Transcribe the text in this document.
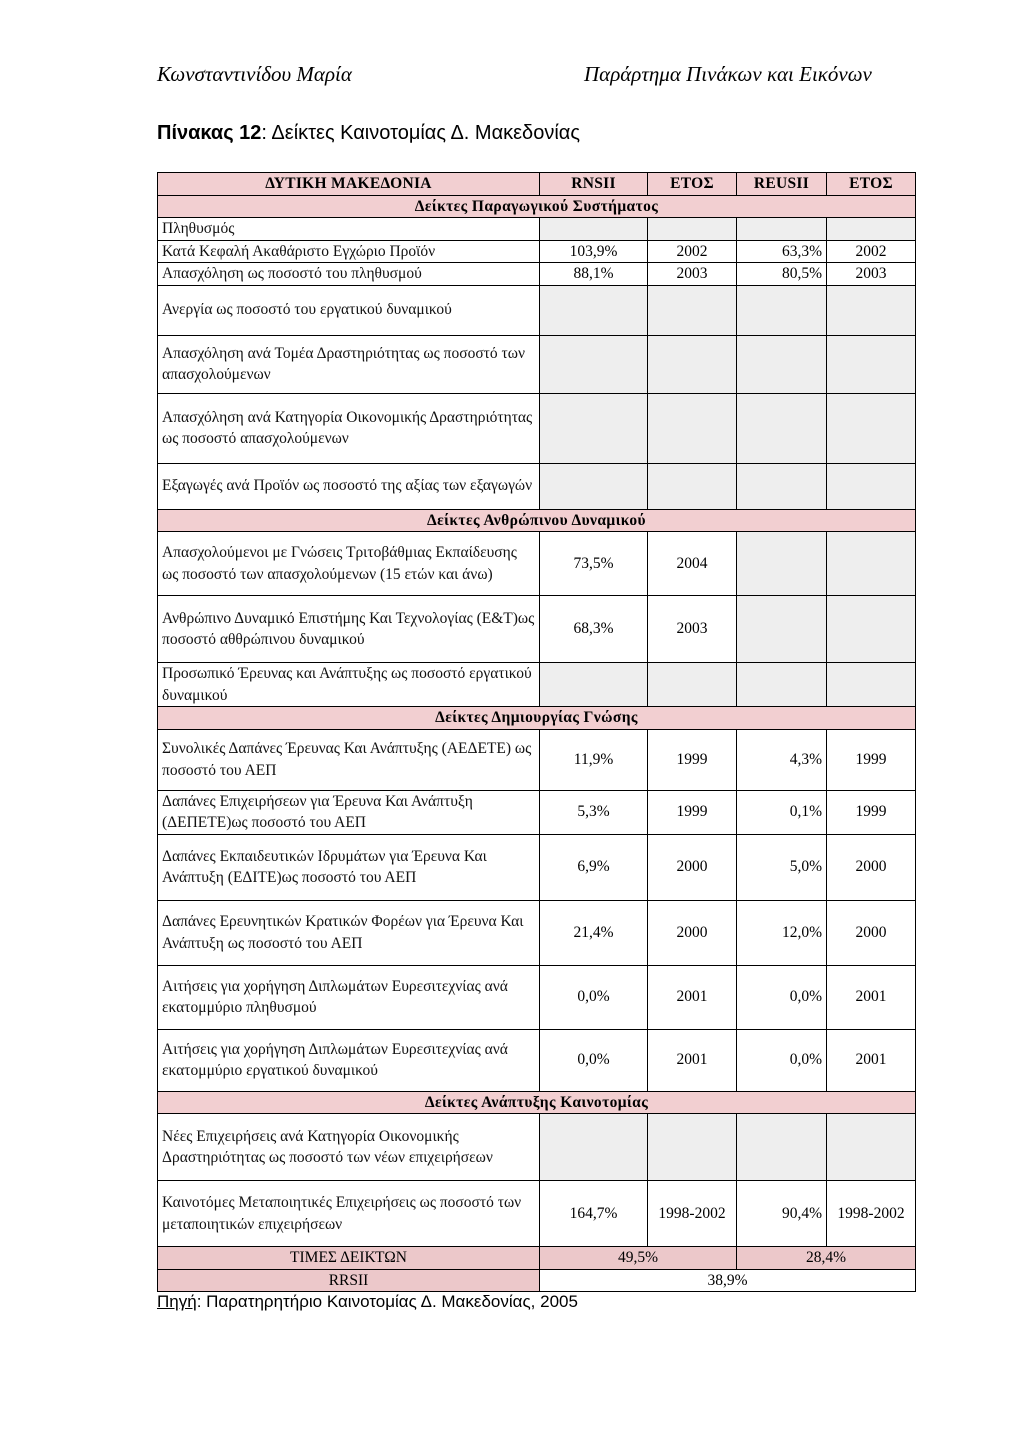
Κωνσταντινίδου Μαρία	Παράρτημα Πινάκων και Εικόνων
Πίνακας 12: Δείκτες Καινοτομίας Δ. Μακεδονίας
ΔΥΤΙΚΗ ΜΑΚΕΔΟΝΙΑ	RNSII	ΕΤΟΣ	REUSII	ΕΤΟΣ
Δείκτες Παραγωγικού Συστήματος				
Πληθυσμός				
Κατά Κεφαλή Ακαθάριστο Εγχώριο Προϊόν	103,9%	2002	63,3%	2002
Απασχόληση ως ποσοστό του πληθυσμού	88,1%	2003	80,5%	2003
Ανεργία ως ποσοστό του εργατικού δυναμικού				
Απασχόληση ανά Τομέα Δραστηριότητας ως ποσοστό των απασχολούμενων				
Απασχόληση ανά Κατηγορία Οικονομικής Δραστηριότητας ως ποσοστό απασχολούμενων				
Εξαγωγές ανά Προϊόν ως ποσοστό της αξίας των εξαγωγών				
Δείκτες Ανθρώπινου Δυναμικού				
Απασχολούμενοι με Γνώσεις Τριτοβάθμιας Εκπαίδευσης ως ποσοστό των απασχολούμενων (15 ετών και άνω)	73,5%	2004		
Ανθρώπινο Δυναμικό Επιστήμης Και Τεχνολογίας (Ε&Τ)ως ποσοστό αθθρώπινου δυναμικού	68,3%	2003		
Προσωπικό Έρευνας και Ανάπτυξης ως ποσοστό εργατικού δυναμικού				
Δείκτες Δημιουργίας Γνώσης				
Συνολικές Δαπάνες Έρευνας Και Ανάπτυξης (ΑΕΔΕΤΕ) ως ποσοστό του ΑΕΠ	11,9%	1999	4,3%	1999
Δαπάνες Επιχειρήσεων για Έρευνα Και Ανάπτυξη (ΔΕΠΕΤΕ)ως ποσοστό του ΑΕΠ	5,3%	1999	0,1%	1999
Δαπάνες Εκπαιδευτικών Ιδρυμάτων για Έρευνα Και Ανάπτυξη (ΕΔΙΤΕ)ως ποσοστό του ΑΕΠ	6,9%	2000	5,0%	2000
Δαπάνες Ερευνητικών Κρατικών Φορέων για Έρευνα Και Ανάπτυξη ως ποσοστό του ΑΕΠ	21,4%	2000	12,0%	2000
Αιτήσεις για χορήγηση Διπλωμάτων Ευρεσιτεχνίας ανά εκατομμύριο πληθυσμού	0,0%	2001	0,0%	2001
Αιτήσεις για χορήγηση Διπλωμάτων Ευρεσιτεχνίας ανά εκατομμύριο εργατικού δυναμικού	0,0%	2001	0,0%	2001
Δείκτες Ανάπτυξης Καινοτομίας				
Νέες Επιχειρήσεις ανά Κατηγορία Οικονομικής Δραστηριότητας ως ποσοστό των νέων επιχειρήσεων				
Καινοτόμες Μεταποιητικές Επιχειρήσεις ως ποσοστό των μεταποιητικών επιχειρήσεων	164,7%	1998-2002	90,4%	1998-2002
ΤΙΜΕΣ ΔΕΙΚΤΩΝ	49,5%		28,4%	
RRSII	38,9%			
Πηγή: Παρατηρητήριο Καινοτομίας Δ. Μακεδονίας, 2005
